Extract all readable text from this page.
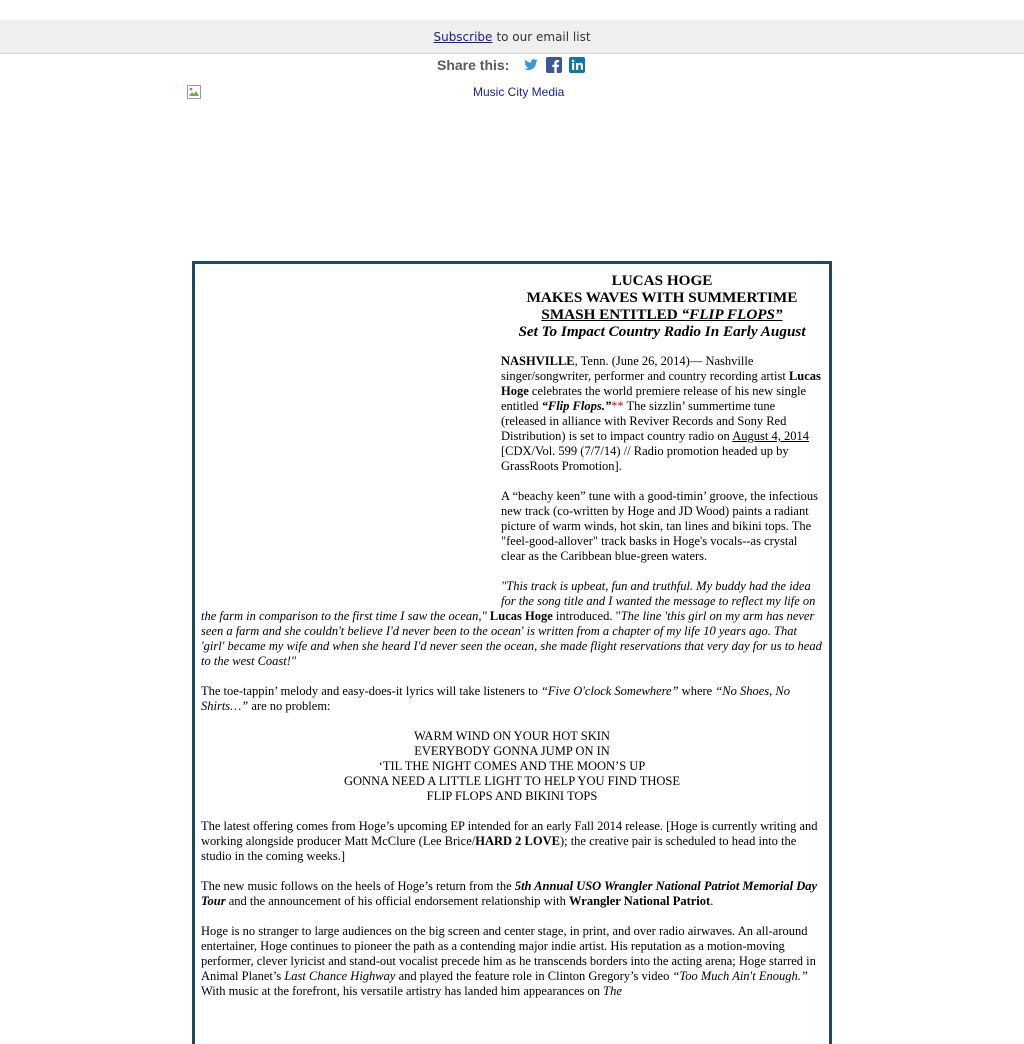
Subscribe to our email list
Share this:
Music City Media
LUCAS HOGE
MAKES WAVES WITH SUMMERTIME
SMASH ENTITLED “FLIP FLOPS”
Set To Impact Country Radio In Early August

NASHVILLE, Tenn. (June 26, 2014)— Nashville singer/songwriter, performer and country recording artist Lucas Hoge celebrates the world premiere release of his new single entitled “Flip Flops.”** The sizzlin’ summertime tune (released in alliance with Reviver Records and Sony Red Distribution) is set to impact country radio on August 4, 2014 [CDX/Vol. 599 (7/7/14) // Radio promotion headed up by GrassRoots Promotion].

A “beachy keen” tune with a good-timin’ groove, the infectious new track (co-written by Hoge and JD Wood) paints a radiant picture of warm winds, hot skin, tan lines and bikini tops. The "feel-good-allover" track basks in Hoge's vocals--as crystal clear as the Caribbean blue-green waters.

"This track is upbeat, fun and truthful. My buddy had the idea for the song title and I wanted the message to reflect my life on the farm in comparison to the first time I saw the ocean," Lucas Hoge introduced. "The line 'this girl on my arm has never seen a farm and she couldn't believe I'd never been to the ocean' is written from a chapter of my life 10 years ago. That 'girl' became my wife and when she heard I'd never seen the ocean, she made flight reservations that very day for us to head to the west Coast!"

The toe-tappin’ melody and easy-does-it lyrics will take listeners to “Five O'clock Somewhere” where “No Shoes, No Shirts…” are no problem:

WARM WIND ON YOUR HOT SKIN
EVERYBODY GONNA JUMP ON IN
‘TIL THE NIGHT COMES AND THE MOON’S UP
GONNA NEED A LITTLE LIGHT TO HELP YOU FIND THOSE
FLIP FLOPS AND BIKINI TOPS

The latest offering comes from Hoge’s upcoming EP intended for an early Fall 2014 release. [Hoge is currently writing and working alongside producer Matt McClure (Lee Brice/HARD 2 LOVE); the creative pair is scheduled to head into the studio in the coming weeks.]

The new music follows on the heels of Hoge’s return from the 5th Annual USO Wrangler National Patriot Memorial Day Tour and the announcement of his official endorsement relationship with Wrangler National Patriot.

Hoge is no stranger to large audiences on the big screen and center stage, in print, and over radio airwaves. An all-around entertainer, Hoge continues to pioneer the path as a contending major indie artist. His reputation as a motion-moving performer, clever lyricist and stand-out vocalist precede him as he transcends borders into the acting arena; Hoge starred in Animal Planet’s Last Chance Highway and played the feature role in Clinton Gregory’s video “Too Much Ain't Enough.” With music at the forefront, his versatile artistry has landed him appearances on The
